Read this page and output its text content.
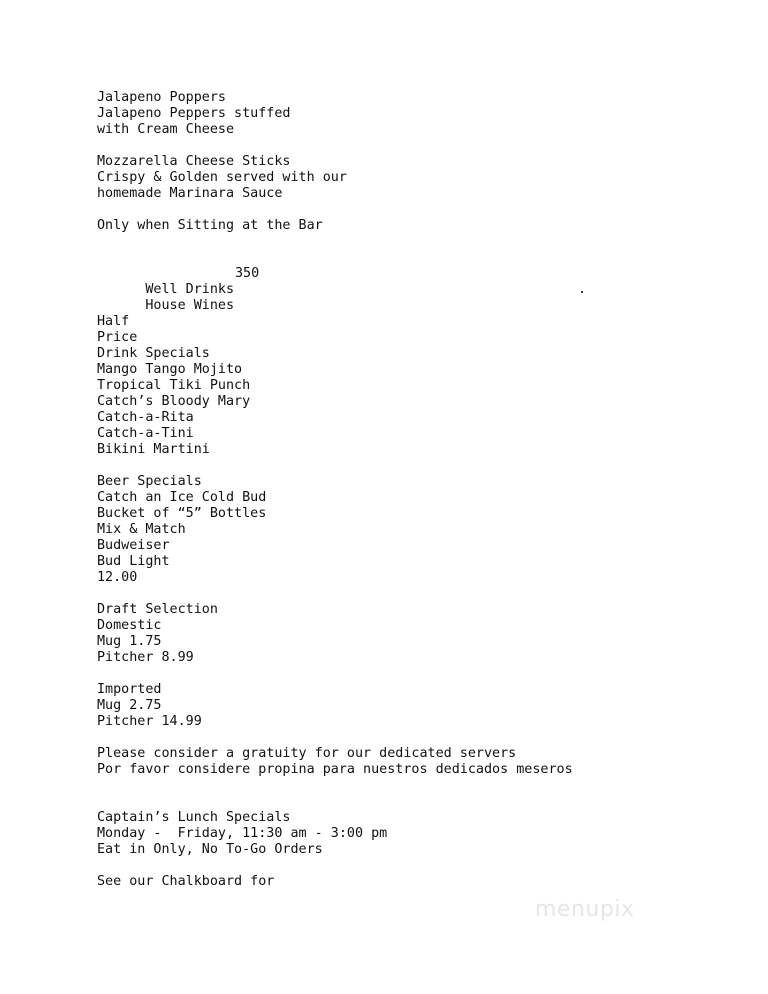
Jalapeno Poppers
Jalapeno Peppers stuffed
with Cream Cheese
Mozzarella Cheese Sticks
Crispy & Golden served with our
homemade Marinara Sauce
Only when Sitting at the Bar

Well Drinks

350

House Wines

.

Half
Price
Drink Specials
Mango Tango Mojito
Tropical Tiki Punch
Catch’s Bloody Mary
Catch-a-Rita
Catch-a-Tini
Bikini Martini
Beer Specials
Catch an Ice Cold Bud
Bucket of “5” Bottles
Mix & Match
Budweiser
Bud Light
12.00
Draft Selection
Domestic
Mug 1.75
Pitcher 8.99
Imported
Mug 2.75
Pitcher 14.99
Please consider a gratuity for our dedicated servers
Por favor considere propina para nuestros dedicados meseros
Captain’s Lunch Specials
Monday -  Friday, 11:30 am - 3:00 pm
Eat in Only, No To-Go Orders
See our Chalkboard for
menupix
